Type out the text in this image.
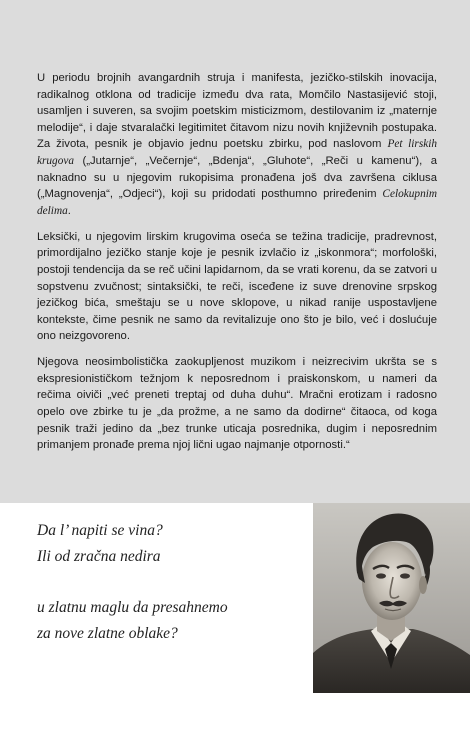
U periodu brojnih avangardnih struja i manifesta, jezičko-stilskih inovacija, radikalnog otklona od tradicije između dva rata, Momčilo Nastasijević stoji, usamljen i suveren, sa svojim poetskim misticizmom, destilovanim iz „maternje melodije“, i daje stvaralački legitimitet čitavom nizu novih književnih postupaka. Za života, pesnik je objavio jednu poetsku zbirku, pod naslovom Pet lirskih krugova („Jutarnje“, „Večernje“, „Bdenja“, „Gluhote“, „Reči u kamenu“), a naknadno su u njegovim rukopisima pronađena još dva završena ciklusa („Magnovenja“, „Odjeci“), koji su pridodati posthumno priređenim Celokupnim delima.

Leksički, u njegovim lirskim krugovima oseća se težina tradicije, pradrevnost, primordijalno jezičko stanje koje je pesnik izvlačio iz „iskonmora“; morfološki, postoji tendencija da se reč učini lapidarnom, da se vrati korenu, da se zatvori u sopstvenu zvučnost; sintaksički, te reči, isceđene iz suve drenovine srpskog jezičkog bića, smeštaju se u nove sklopove, u nikad ranije uspostavljene kontekste, čime pesnik ne samo da revitalizuje ono što je bilo, već i doslućuje ono neizgovoreno.

Njegova neosimbolistička zaokupljenost muzikom i neizrecivim ukršta se s ekspresionističkom težnjom k neposrednom i praiskonskom, u nameri da rečima oiviči „već preneti treptaj od duha duhu“. Mračni erotizam i radosno opelo ove zbirke tu je „da prožme, a ne samo da dodirne“ čitaoca, od koga pesnik traži jedino da „bez trunke uticaja posrednika, dugim i neposrednim primanjem pronađe prema njoj lični ugao najmanje otpornosti.“

Da l’ napiti se vina?
Ili od zračna nedira
u zlatnu maglu da presahnemo
za nove zlatne oblake?
